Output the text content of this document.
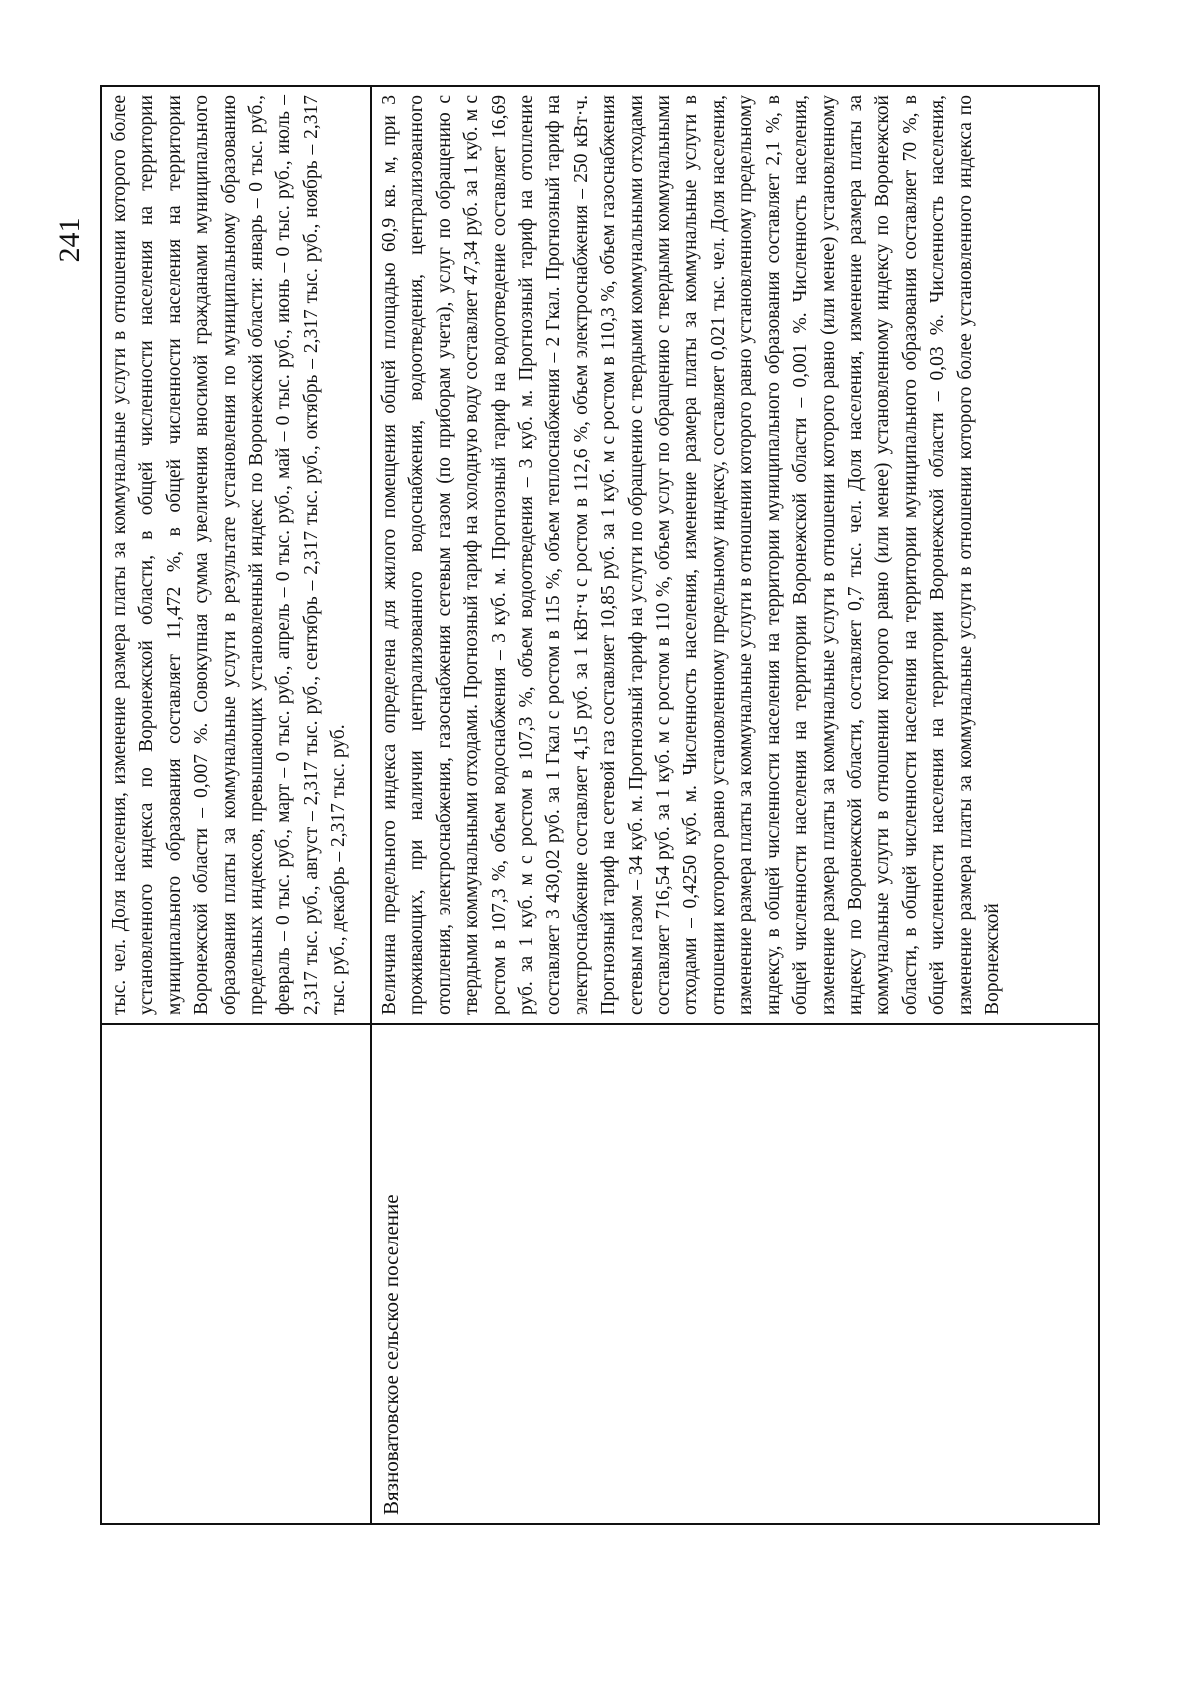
241	тыс. чел. Доля населения, изменение размера платы за коммунальные услуги в отношении которого более установленного индекса по Воронежской области, в общей численности населения на территории муниципального образования составляет 11,472 %, в общей численности населения на территории Воронежской области – 0,007 %. Совокупная сумма увеличения вносимой гражданами муниципального образования платы за коммунальные услуги в результате установления по муниципальному образованию предельных индексов, превышающих установленный индекс по Воронежской области: январь – 0 тыс. руб., февраль – 0 тыс. руб., март – 0 тыс. руб., апрель – 0 тыс. руб., май – 0 тыс. руб., июнь – 0 тыс. руб., июль – 2,317 тыс. руб., август – 2,317 тыс. руб., сентябрь – 2,317 тыс. руб., октябрь – 2,317 тыс. руб., ноябрь – 2,317 тыс. руб., декабрь – 2,317 тыс. руб.
Вязноватовское сельское поселение
Величина предельного индекса определена для жилого помещения общей площадью 60,9 кв. м, при 3 проживающих, при наличии централизованного водоснабжения, водоотведения, централизованного отопления, электроснабжения, газоснабжения сетевым газом (по приборам учета), услуг по обращению с твердыми коммунальными отходами. Прогнозный тариф на холодную воду составляет 47,34 руб. за 1 куб. м с ростом в 107,3 %, объем водоснабжения – 3 куб. м. Прогнозный тариф на водоотведение составляет 16,69 руб. за 1 куб. м с ростом в 107,3 %, объем водоотведения – 3 куб. м. Прогнозный тариф на отопление составляет 3 430,02 руб. за 1 Гкал с ростом в 115 %, объем теплоснабжения – 2 Гкал. Прогнозный тариф на электроснабжение составляет 4,15 руб. за 1 кВт·ч с ростом в 112,6 %, объем электроснабжения – 250 кВт·ч. Прогнозный тариф на сетевой газ составляет 10,85 руб. за 1 куб. м с ростом в 110,3 %, объем газоснабжения сетевым газом – 34 куб. м. Прогнозный тариф на услуги по обращению с твердыми коммунальными отходами составляет 716,54 руб. за 1 куб. м с ростом в 110 %, объем услуг по обращению с твердыми коммунальными отходами – 0,4250 куб. м. Численность населения, изменение размера платы за коммунальные услуги в отношении которого равно установленному предельному индексу, составляет 0,021 тыс. чел. Доля населения, изменение размера платы за коммунальные услуги в отношении которого равно установленному предельному индексу, в общей численности населения на территории муниципального образования составляет 2,1 %, в общей численности населения на территории Воронежской области – 0,001 %. Численность населения, изменение размера платы за коммунальные услуги в отношении которого равно (или менее) установленному индексу по Воронежской области, составляет 0,7 тыс. чел. Доля населения, изменение размера платы за коммунальные услуги в отношении которого равно (или менее) установленному индексу по Воронежской области, в общей численности населения на территории муниципального образования составляет 70 %, в общей численности населения на территории Воронежской области – 0,03 %. Численность населения, изменение размера платы за коммунальные услуги в отношении которого более установленного индекса по Воронежской
